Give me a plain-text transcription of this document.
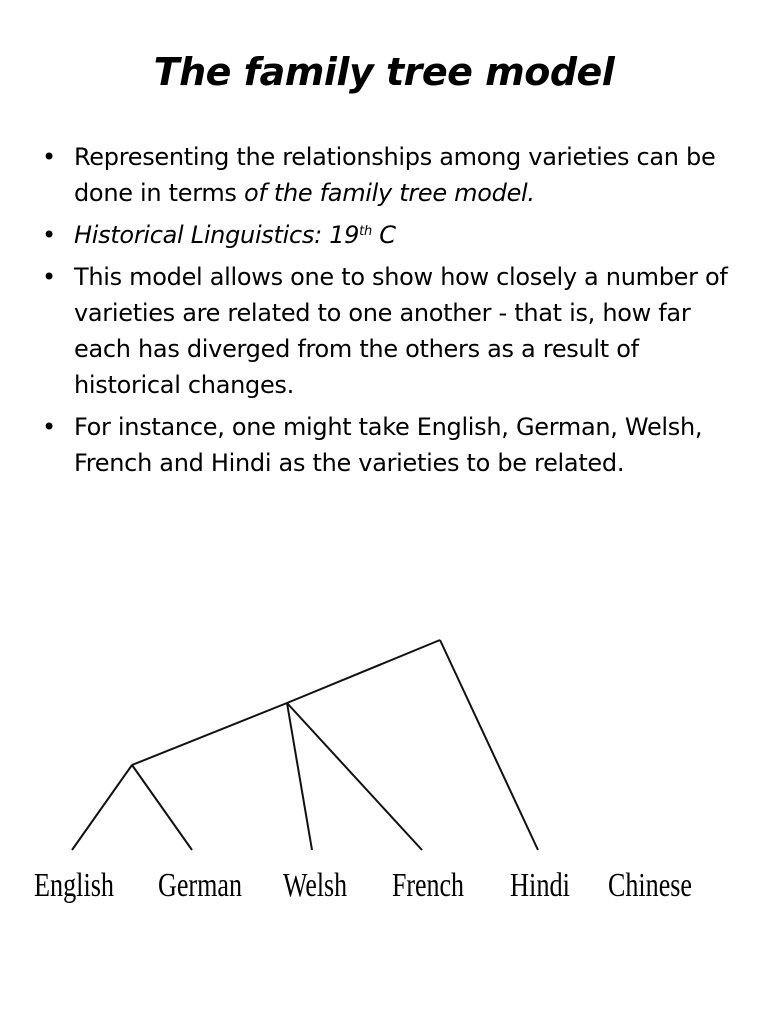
The family tree model
• Representing the relationships among varieties can be done in terms of the family tree model.
• Historical Linguistics: 19th C
• This model allows one to show how closely a number of varieties are related to one another - that is, how far each has diverged from the others as a result of historical changes.
• For instance, one might take English, German, Welsh, French and Hindi as the varieties to be related.
English German Welsh French Hindi Chinese
